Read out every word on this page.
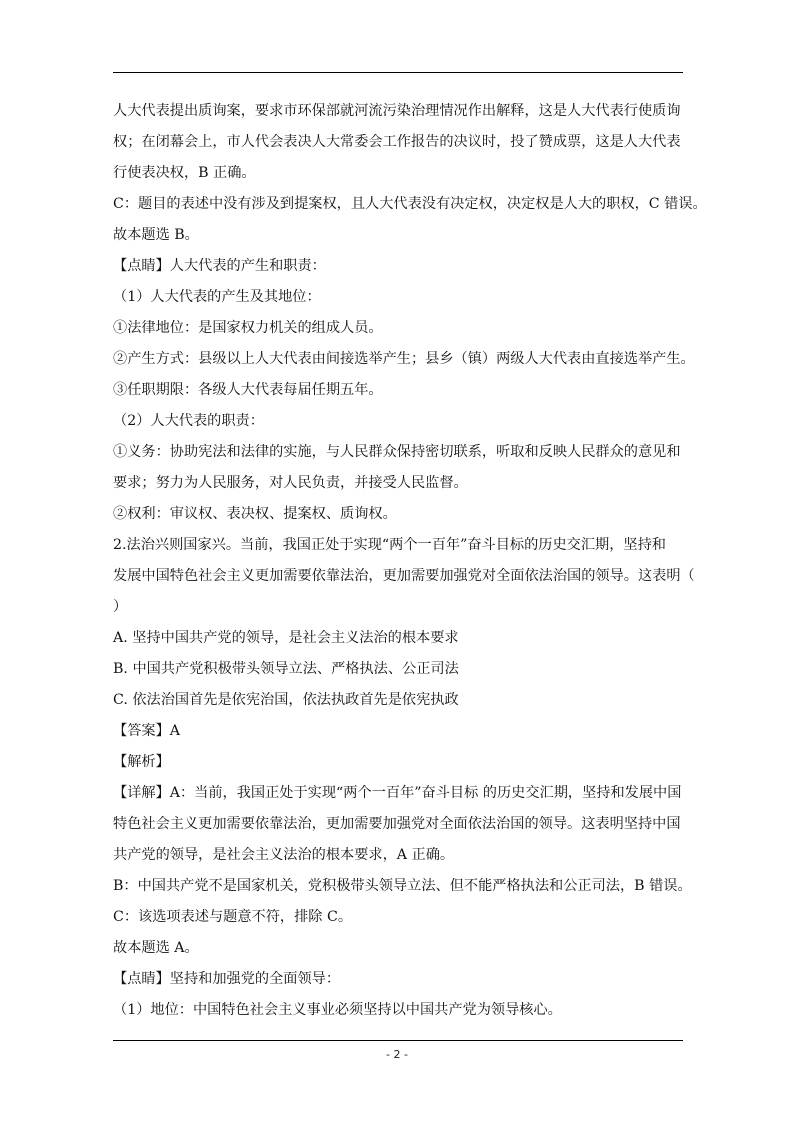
人大代表提出质询案，要求市环保部就河流污染治理情况作出解释，这是人大代表行使质询
权；在闭幕会上，市人代会表决人大常委会工作报告的决议时，投了赞成票，这是人大代表
行使表决权，B 正确。
C：题目的表述中没有涉及到提案权，且人大代表没有决定权，决定权是人大的职权，C 错误。
故本题选 B。
【点睛】人大代表的产生和职责：
（1）人大代表的产生及其地位：
①法律地位：是国家权力机关的组成人员。
②产生方式：县级以上人大代表由间接选举产生；县乡（镇）两级人大代表由直接选举产生。
③任职期限：各级人大代表每届任期五年。
（2）人大代表的职责：
①义务：协助宪法和法律的实施，与人民群众保持密切联系，听取和反映人民群众的意见和
要求；努力为人民服务，对人民负责，并接受人民监督。
②权利：审议权、表决权、提案权、质询权。
2.法治兴则国家兴。当前，我国正处于实现“两个一百年”奋斗目标的历史交汇期，坚持和
发展中国特色社会主义更加需要依靠法治，更加需要加强党对全面依法治国的领导。这表明（
）
A. 坚持中国共产党的领导，是社会主义法治的根本要求
B. 中国共产党积极带头领导立法、严格执法、公正司法
C. 依法治国首先是依宪治国，依法执政首先是依宪执政
【答案】A
【解析】
【详解】A：当前，我国正处于实现“两个一百年”奋斗目标 的历史交汇期，坚持和发展中国
特色社会主义更加需要依靠法治，更加需要加强党对全面依法治国的领导。这表明坚持中国
共产党的领导，是社会主义法治的根本要求，A 正确。
B：中国共产党不是国家机关，党积极带头领导立法、但不能严格执法和公正司法，B 错误。
C：该选项表述与题意不符，排除 C。
故本题选 A。
【点睛】坚持和加强党的全面领导：
（1）地位：中国特色社会主义事业必须坚持以中国共产党为领导核心。
- 2 -
